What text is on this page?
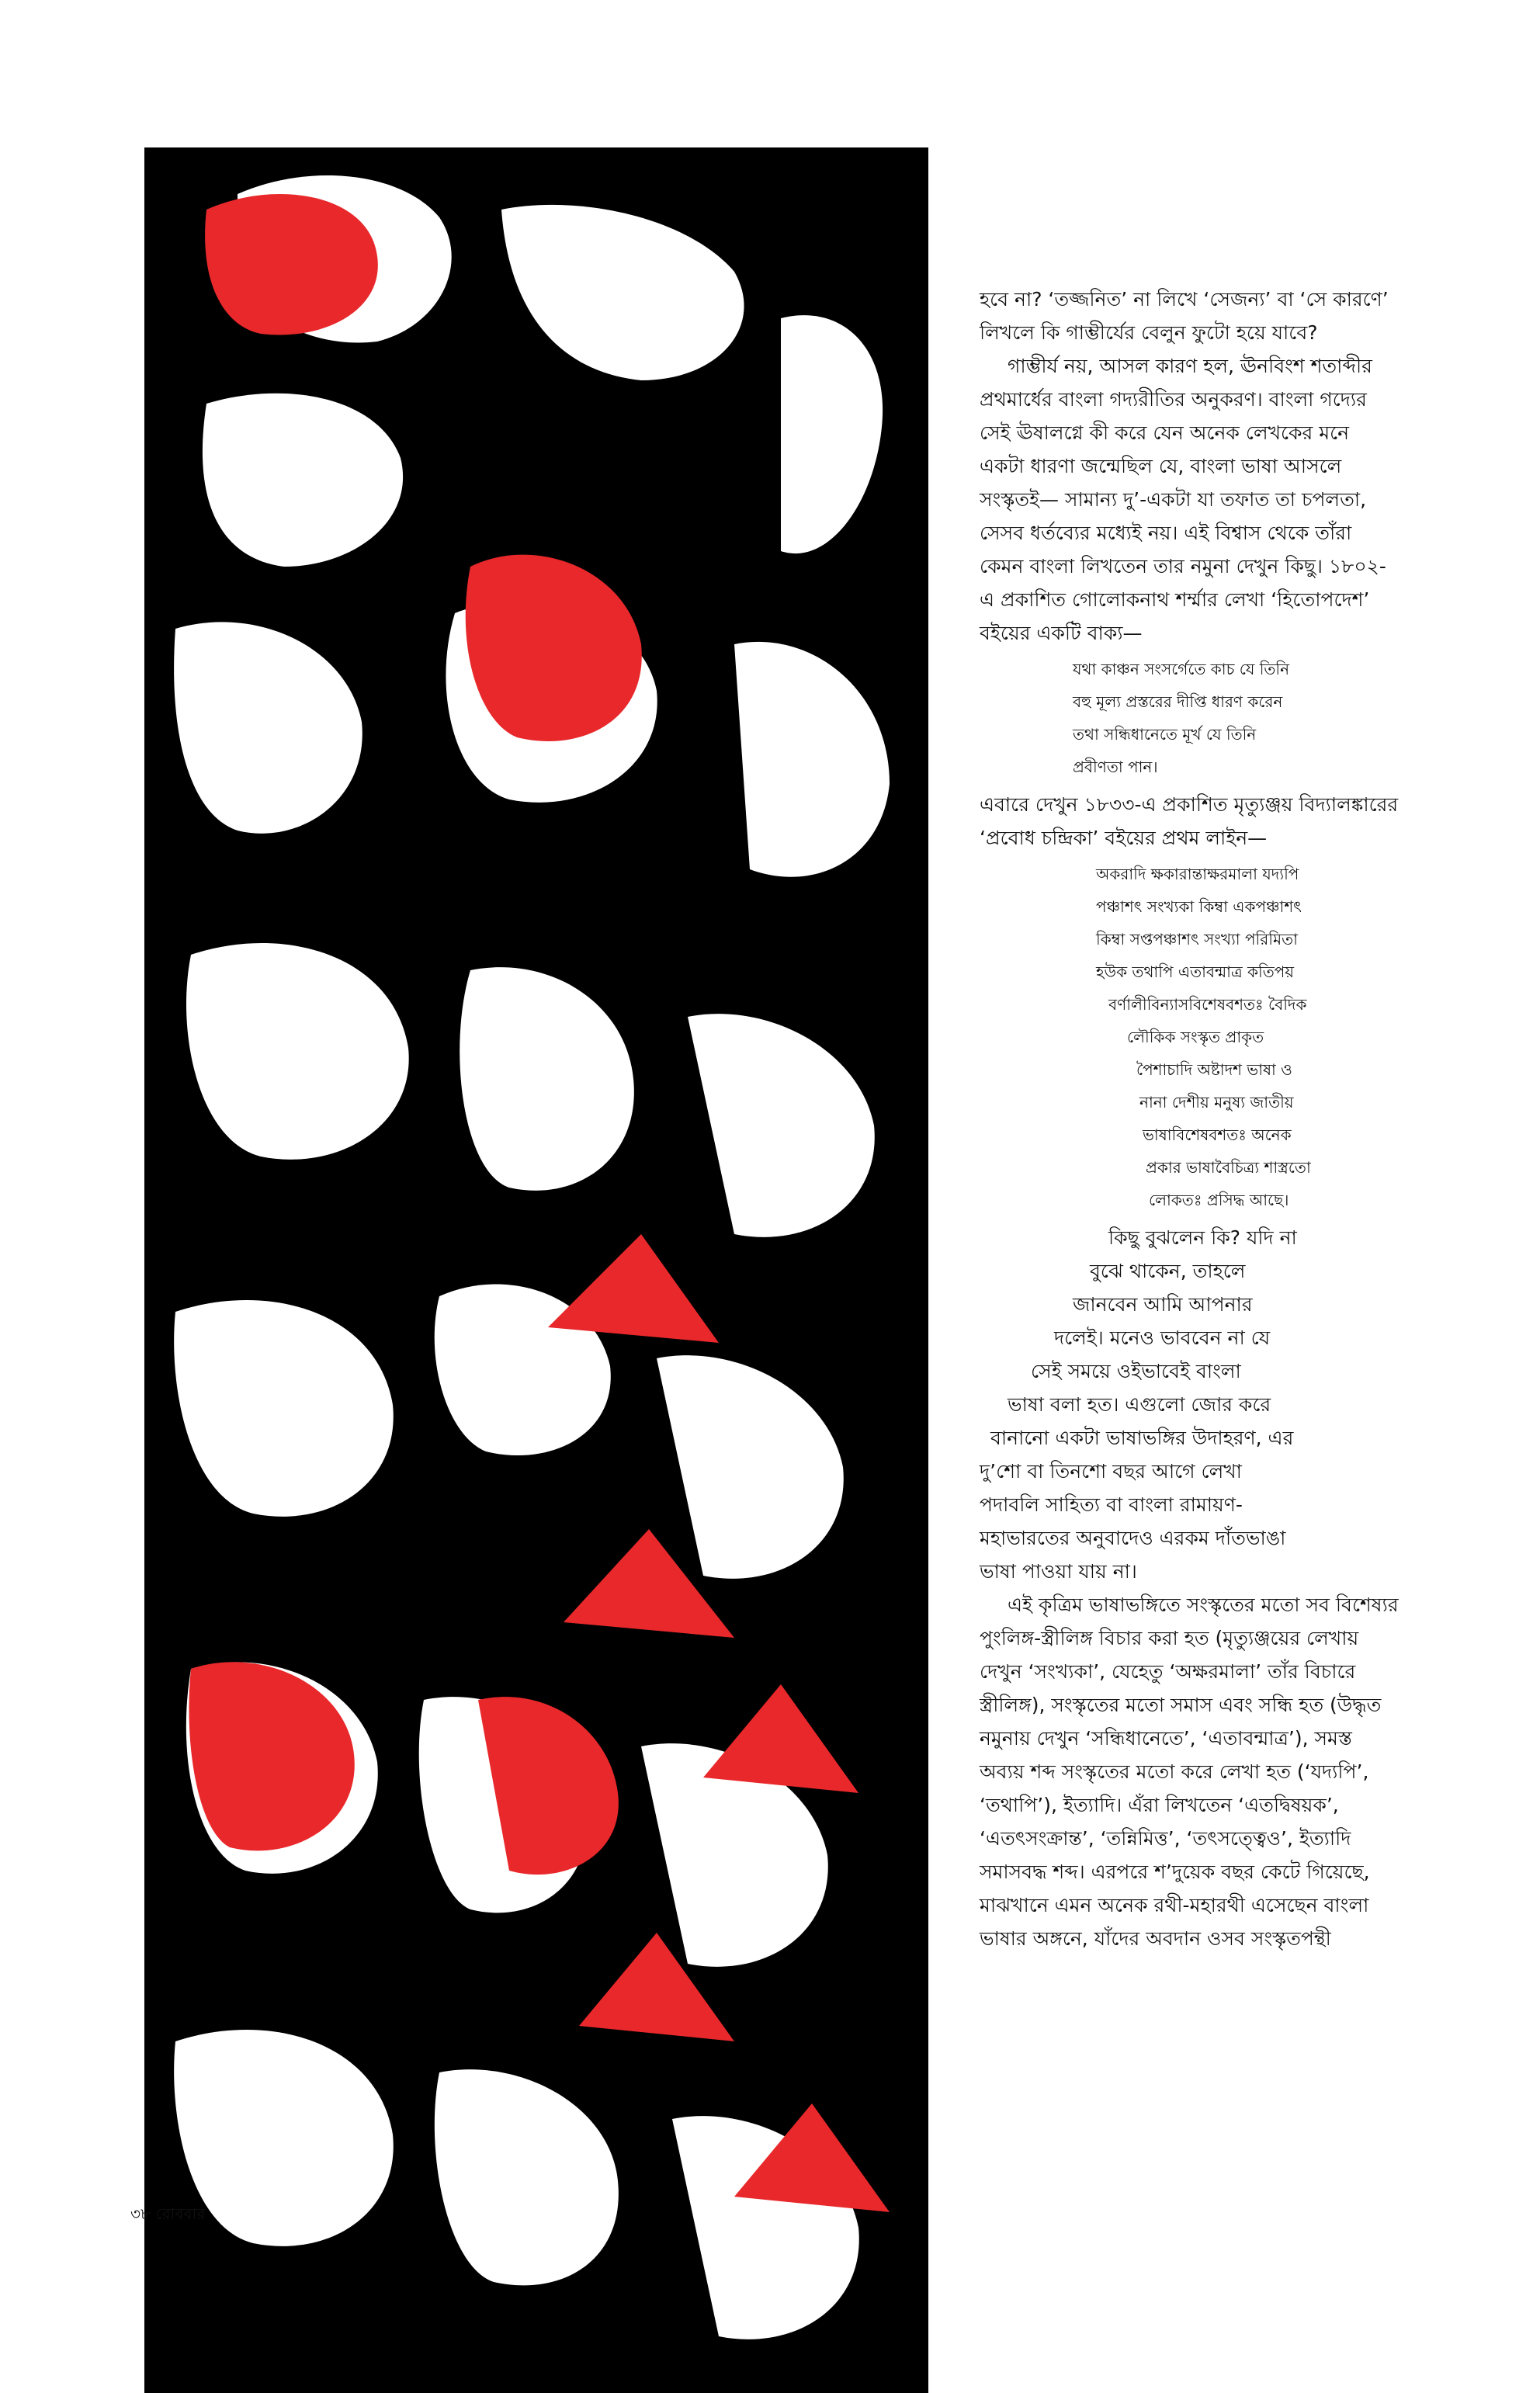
হবে না? ‘তজ্জনিত’ না লিখে ‘সেজন্য’ বা ‘সে কারণে’ লিখলে কি গাম্ভীর্যের বেলুন ফুটো হয়ে যাবে?

গাম্ভীর্য নয়, আসল কারণ হল, ঊনবিংশ শতাব্দীর প্রথমার্ধের বাংলা গদ্যরীতির অনুকরণ। বাংলা গদ্যের সেই ঊষালগ্নে কী করে যেন অনেক লেখকের মনে একটা ধারণা জন্মেছিল যে, বাংলা ভাষা আসলে সংস্কৃতই— সামান্য দু’-একটা যা তফাত তা চপলতা, সেসব ধর্তব্যের মধ্যেই নয়। এই বিশ্বাস থেকে তাঁরা কেমন বাংলা লিখতেন তার নমুনা দেখুন কিছু। ১৮০২-এ প্রকাশিত গোলোকনাথ শর্ম্মার লেখা ‘হিতোপদেশ’ বইয়ের একটি বাক্য—

যথা কাঞ্চন সংসর্গেতে কাচ যে তিনি
বহু মূল্য প্রস্তরের দীপ্তি ধারণ করেন
তথা সন্ধিধানেতে মূর্খ যে তিনি
প্রবীণতা পান।

এবারে দেখুন ১৮৩৩-এ প্রকাশিত মৃত্যুঞ্জয় বিদ্যালঙ্কারের ‘প্রবোধ চন্দ্রিকা’ বইয়ের প্রথম লাইন—

অকরাদি ক্ষকারান্তাক্ষরমালা যদ্যপি
পঞ্চাশৎ সংখ্যকা কিম্বা একপঞ্চাশৎ
কিম্বা সপ্তপঞ্চাশৎ সংখ্যা পরিমিতা
হউক তথাপি এতাবন্মাত্র কতিপয়
বর্ণালীবিন্যাসবিশেষবশতঃ বৈদিক
লৌকিক সংস্কৃত প্রাকৃত
পৈশাচাদি অষ্টাদশ ভাষা ও
নানা দেশীয় মনুষ্য জাতীয়
ভাষাবিশেষবশতঃ অনেক
প্রকার ভাষাবৈচিত্র্য শাস্ত্রতো
লোকতঃ প্রসিদ্ধ আছে।
কিছু বুঝলেন কি? যদি না
বুঝে থাকেন, তাহলে
জানবেন আমি আপনার
দলেই। মনেও ভাববেন না যে
সেই সময়ে ওইভাবেই বাংলা
ভাষা বলা হত। এগুলো জোর করে
বানানো একটা ভাষাভঙ্গির উদাহরণ, এর
দু’শো বা তিনশো বছর আগে লেখা
পদাবলি সাহিত্য বা বাংলা রামায়ণ-
মহাভারতের অনুবাদেও এরকম দাঁতভাঙা
ভাষা পাওয়া যায় না।

এই কৃত্রিম ভাষাভঙ্গিতে সংস্কৃতের মতো সব বিশেষ্যর পুংলিঙ্গ-স্ত্রীলিঙ্গ বিচার করা হত (মৃত্যুঞ্জয়ের লেখায় দেখুন ‘সংখ্যকা’, যেহেতু ‘অক্ষরমালা’ তাঁর বিচারে স্ত্রীলিঙ্গ), সংস্কৃতের মতো সমাস এবং সন্ধি হত (উদ্ধৃত নমুনায় দেখুন ‘সন্ধিধানেতে’, ‘এতাবন্মাত্র’), সমস্ত অব্যয় শব্দ সংস্কৃতের মতো করে লেখা হত (‘যদ্যপি’, ‘তথাপি’), ইত্যাদি। এঁরা লিখতেন ‘এতদ্বিষয়ক’, ‘এতৎসংক্রান্ত’, ‘তন্নিমিত্ত’, ‘তৎসত্ত্বেও’, ইত্যাদি সমাসবদ্ধ শব্দ। এরপরে শ’দুয়েক বছর কেটে গিয়েছে, মাঝখানে এমন অনেক রথী-মহারথী এসেছেন বাংলা ভাষার অঙ্গনে, যাঁদের অবদান ওসব সংস্কৃতপন্থী

৩৮ রোববার
